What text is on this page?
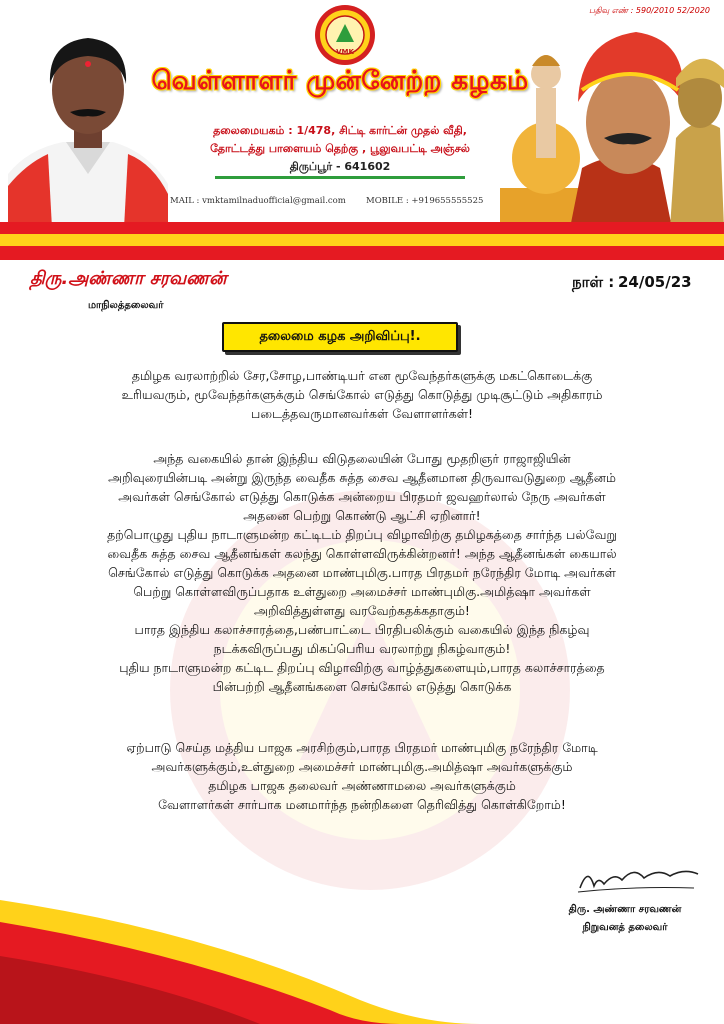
பதிவு எண் : 590/2010 52/2020
VMK
வெள்ளாளர் முன்னேற்ற கழகம்
தலைமையகம் : 1/478, சிட்டி கார்ட்ன் முதல் வீதி,
தோட்டத்து பாளையம் தெற்கு , பூலுவபட்டி அஞ்சல்
திருப்பூர் - 641602
MAIL : vmktamilnaduofficial@gmail.com MOBILE : +919655555525
திரு.அண்ணா சரவணன்
மாநிலத்தலைவர்
நாள் : 24/05/23
தலைமை கழக அறிவிப்பு!.

தமிழக வரலாற்றில் சேர,சோழ,பாண்டியர் என மூவேந்தர்களுக்கு மகட்கொடைக்கு

உரியவரும், மூவேந்தர்களுக்கும் செங்கோல் எடுத்து கொடுத்து முடிசூட்டும் அதிகாரம்

படைத்தவருமானவர்கள் வேளாளர்கள்!

அந்த வகையில் தான் இந்திய விடுதலையின் போது மூதறிஞர் ராஜாஜியின்

அறிவுரையின்படி அன்று இருந்த வைதீக சுத்த சைவ ஆதீனமான திருவாவடுதுறை ஆதீனம்

அவர்கள் செங்கோல் எடுத்து கொடுக்க அன்றைய பிரதமர் ஜவஹர்லால் நேரு அவர்கள்

அதனை பெற்று கொண்டு ஆட்சி ஏறினார்!

தற்பொழுது புதிய நாடாளுமன்ற கட்டிடம் திறப்பு விழாவிற்கு தமிழகத்தை சார்ந்த பல்வேறு

வைதீக சுத்த சைவ ஆதீனங்கள் கலந்து கொள்ளவிருக்கின்றனர்! அந்த ஆதீனங்கள் கையால்

செங்கோல் எடுத்து கொடுக்க அதனை மாண்புமிகு.பாரத பிரதமர் நரேந்திர மோடி அவர்கள்

பெற்று கொள்ளவிருப்பதாக உள்துறை அமைச்சர் மாண்புமிகு.அமித்ஷா அவர்கள்

அறிவித்துள்ளது வரவேற்கதக்கதாகும்!

பாரத இந்திய கலாச்சாரத்தை,பண்பாட்டை பிரதிபலிக்கும் வகையில் இந்த நிகழ்வு

நடக்கவிருப்பது மிகப்பெரிய வரலாற்று நிகழ்வாகும்!

புதிய நாடாளுமன்ற கட்டிட திறப்பு விழாவிற்கு வாழ்த்துகளையும்,பாரத கலாச்சாரத்தை

பின்பற்றி ஆதீனங்களை செங்கோல் எடுத்து கொடுக்க

ஏற்பாடு செய்த மத்திய பாஜக அரசிற்கும்,பாரத பிரதமர் மாண்புமிகு நரேந்திர மோடி

அவர்களுக்கும்,உள்துறை அமைச்சர் மாண்புமிகு.அமித்ஷா அவர்களுக்கும்

தமிழக பாஜக தலைவர் அண்ணாமலை அவர்களுக்கும்

வேளாளர்கள் சார்பாக மனமார்ந்த நன்றிகளை தெரிவித்து கொள்கிறோம்!

திரு. அண்ணா சரவணன்
நிறுவனத் தலைவர்
